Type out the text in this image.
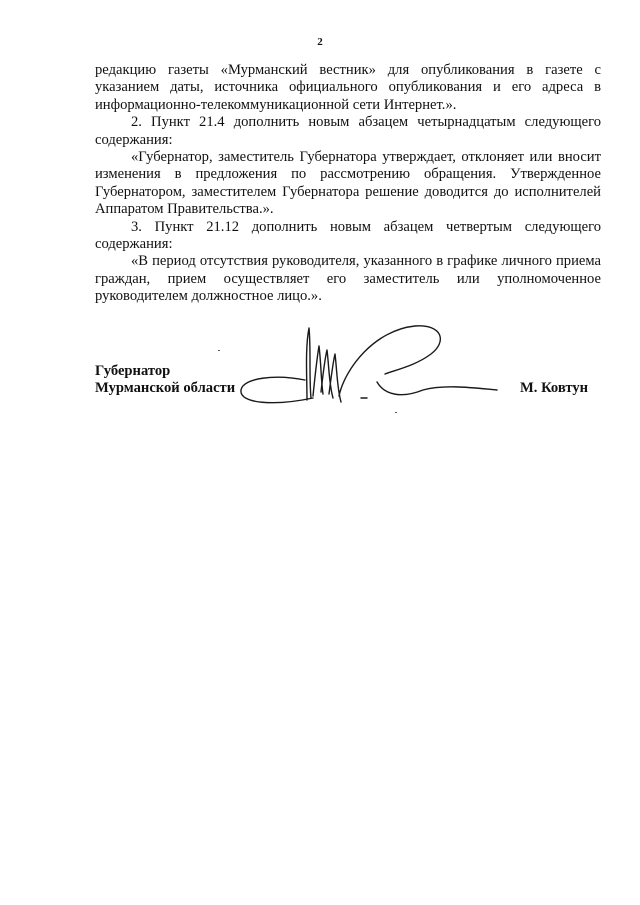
2

редакцию газеты «Мурманский вестник» для опубликования в газете с указанием даты, источника официального опубликования и его адреса в информационно-телекоммуникационной сети Интернет.».

2. Пункт 21.4 дополнить новым абзацем четырнадцатым следующего содержания:

«Губернатор, заместитель Губернатора утверждает, отклоняет или вносит изменения в предложения по рассмотрению обращения. Утвержденное Губернатором, заместителем Губернатора решение доводится до исполнителей Аппаратом Правительства.».

3. Пункт 21.12 дополнить новым абзацем четвертым следующего содержания:

«В период отсутствия руководителя, указанного в графике личного приема граждан, прием осуществляет его заместитель или уполномоченное руководителем должностное лицо.».

Губернатор
Мурманской области	М. Ковтун
